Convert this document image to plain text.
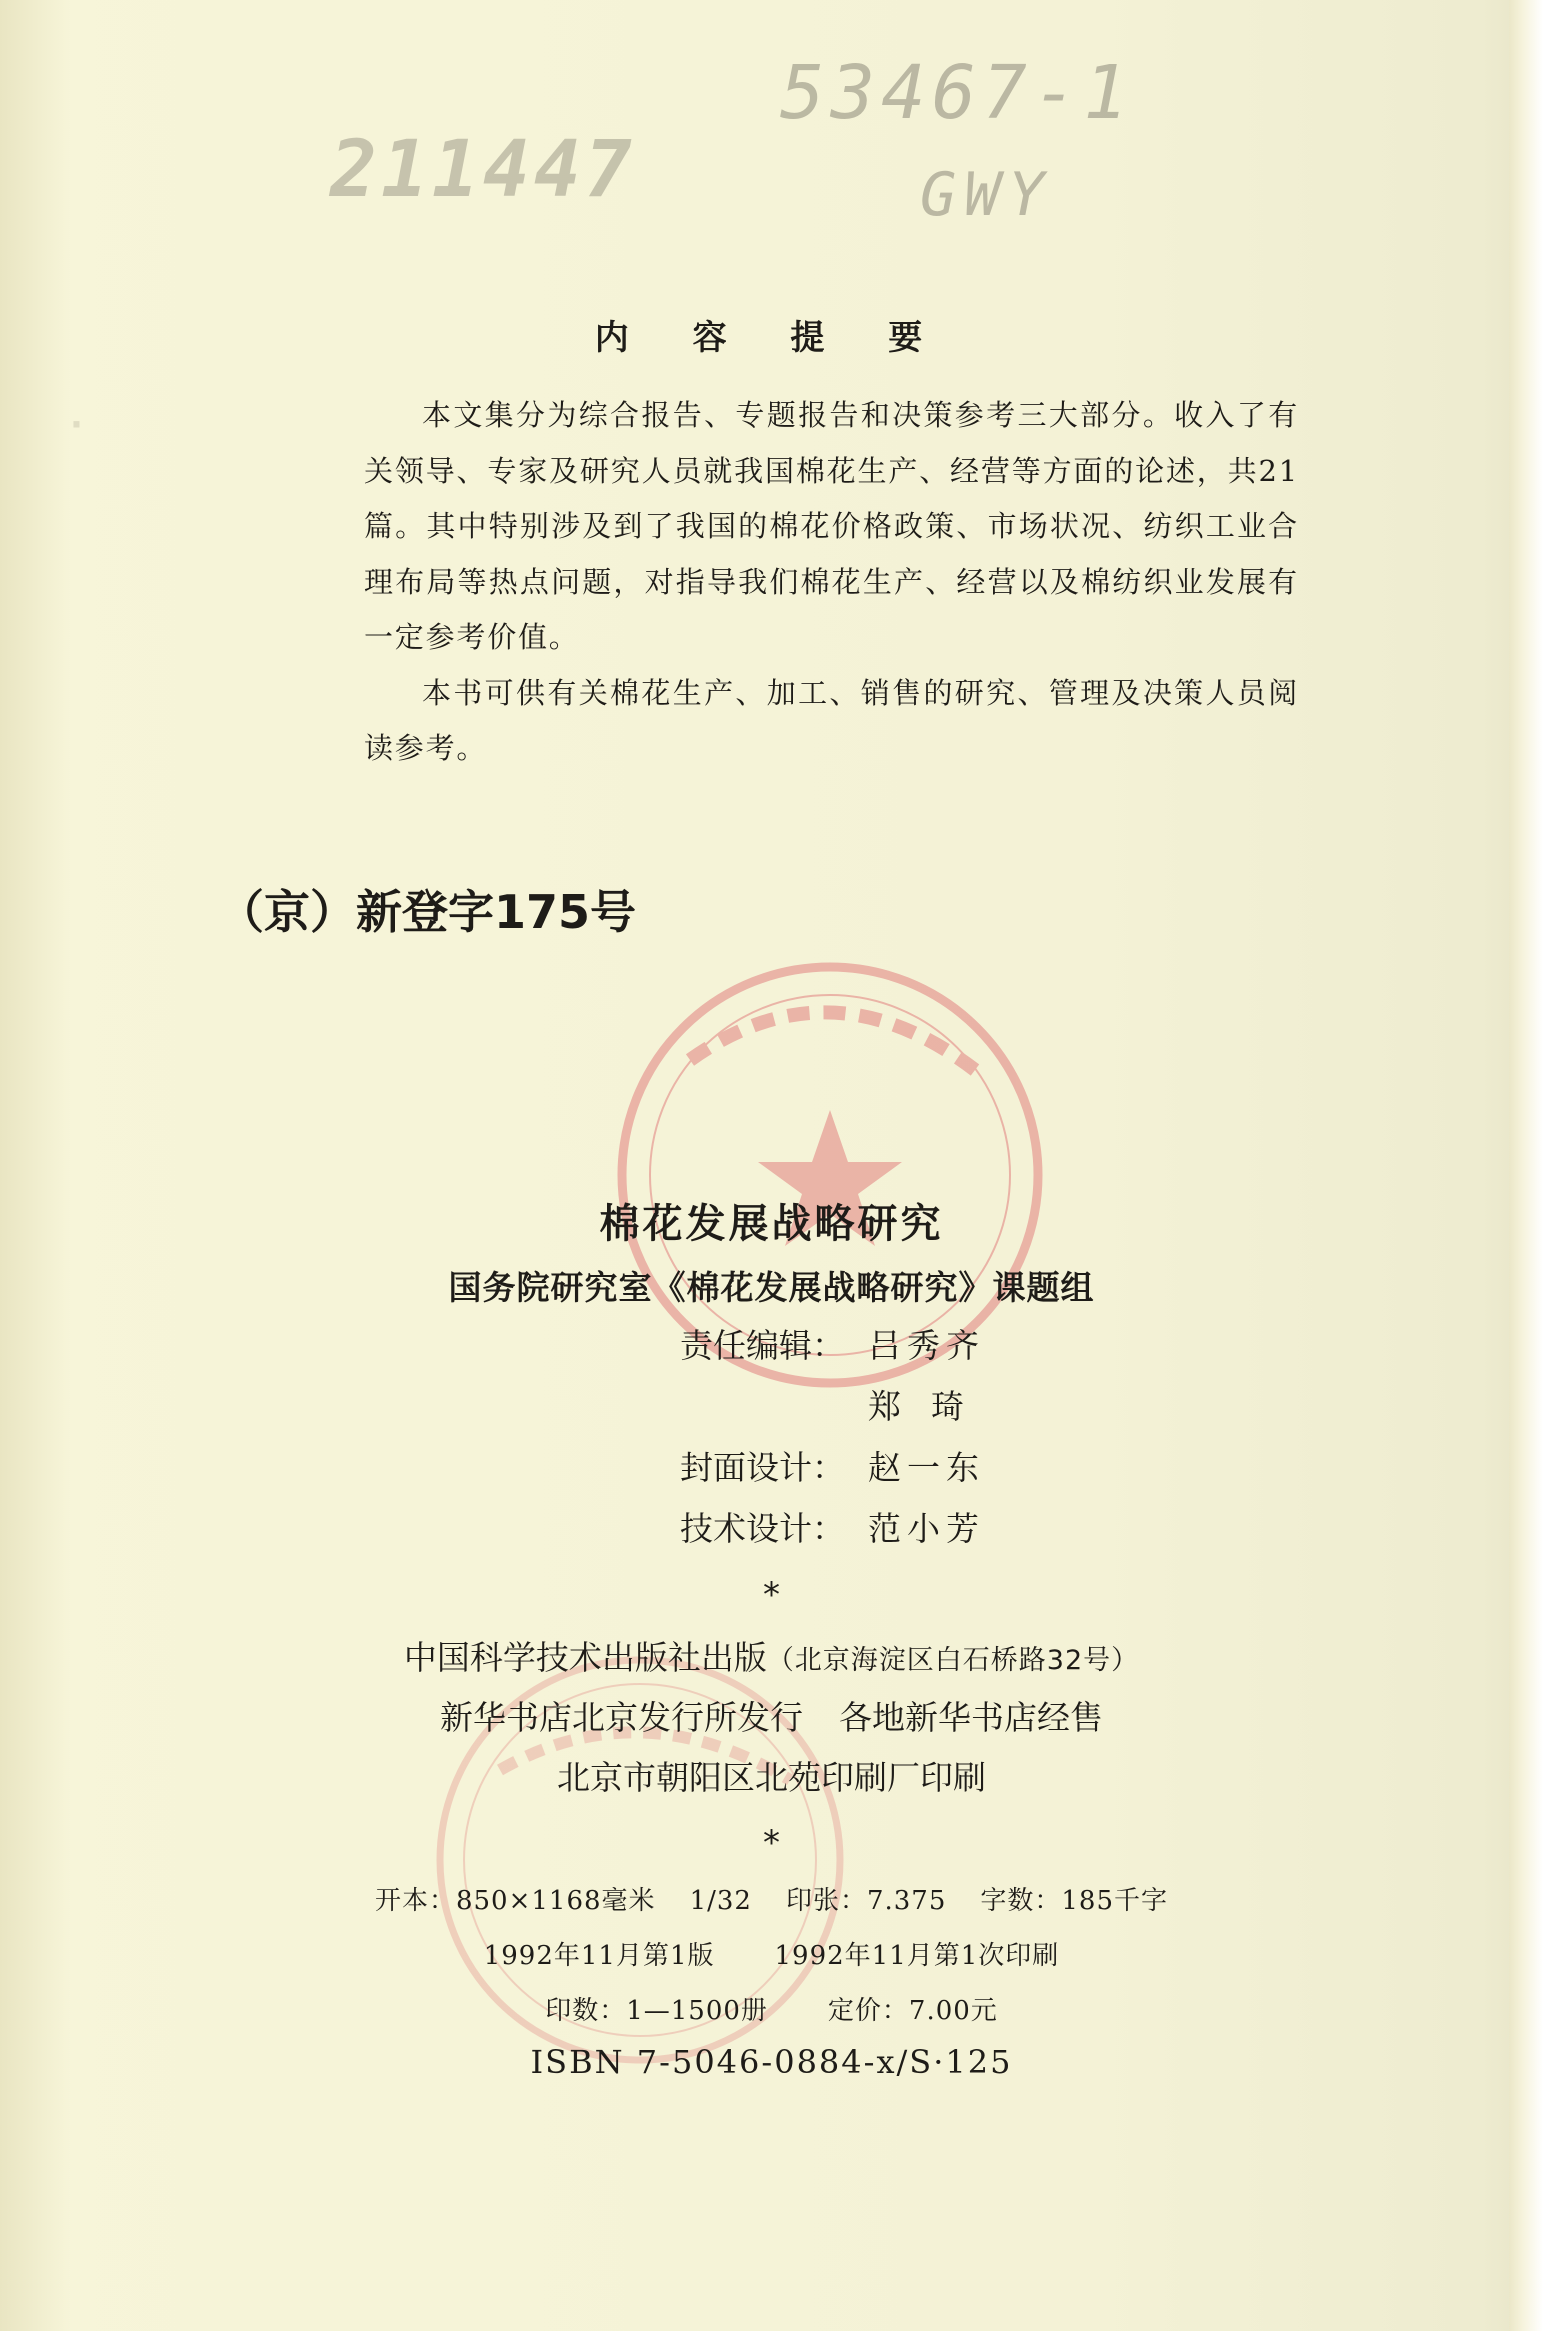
53467-1
GWY
211447
·
内 容 提 要

本文集分为综合报告、专题报告和决策参考三大部分。收入了有关领导、专家及研究人员就我国棉花生产、经营等方面的论述，共21篇。其中特别涉及到了我国的棉花价格政策、市场状况、纺织工业合理布局等热点问题，对指导我们棉花生产、经营以及棉纺织业发展有一定参考价值。

本书可供有关棉花生产、加工、销售的研究、管理及决策人员阅读参考。

（京）新登字175号
棉花发展战略研究
国务院研究室《棉花发展战略研究》课题组
责任编辑： 吕秀齐
郑琦
封面设计： 赵一东
技术设计： 范小芳
*
中国科学技术出版社出版（北京海淀区白石桥路32号）
新华书店北京发行所发行 各地新华书店经售
北京市朝阳区北苑印刷厂印刷
*
开本：850×1168毫米 1/32 印张：7.375 字数：185千字
1992年11月第1版 1992年11月第1次印刷
印数：1—1500册 定价：7.00元
ISBN 7-5046-0884-x/S·125
